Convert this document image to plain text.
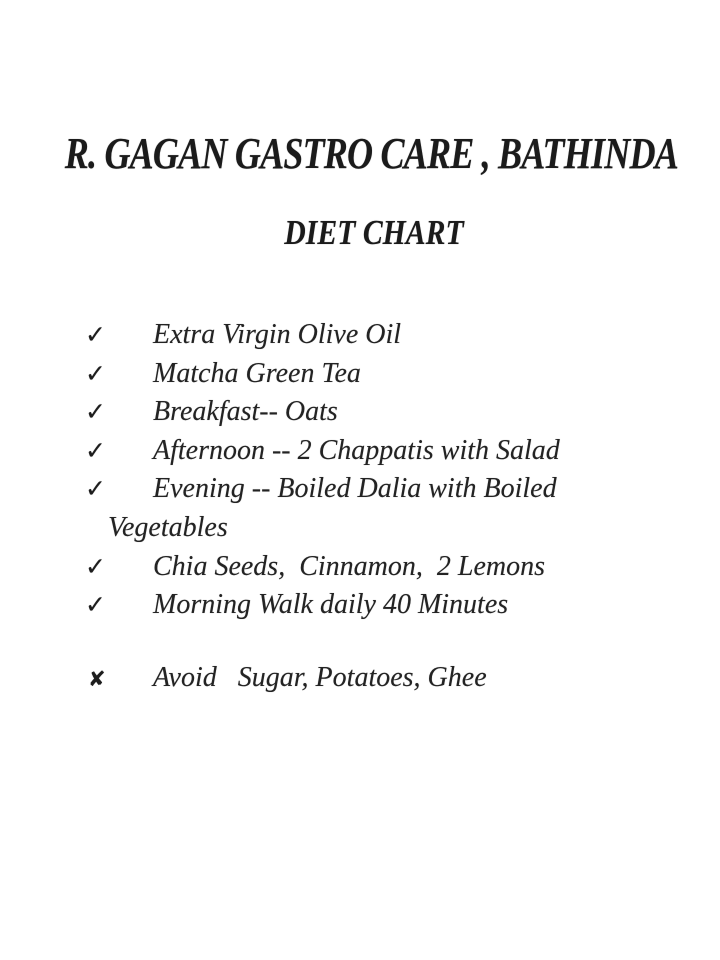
R. GAGAN GASTRO CARE , BATHINDA
DIET CHART
✓	Extra Virgin Olive Oil
✓	Matcha Green Tea
✓	Breakfast-- Oats
✓	Afternoon -- 2 Chappatis with Salad
✓	Evening -- Boiled Dalia with Boiled
Vegetables
✓	Chia Seeds,  Cinnamon,  2 Lemons
✓	Morning Walk daily 40 Minutes
✘	Avoid   Sugar, Potatoes, Ghee
